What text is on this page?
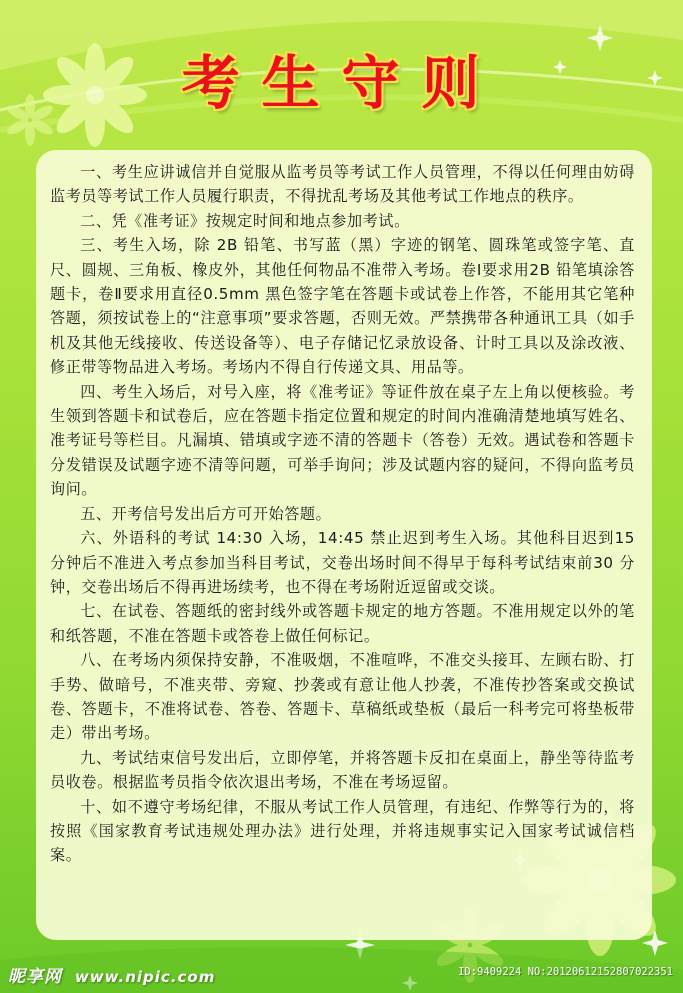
考生守则

一、考生应讲诚信并自觉服从监考员等考试工作人员管理，不得以任何理由妨碍监考员等考试工作人员履行职责，不得扰乱考场及其他考试工作地点的秩序。

二、凭《准考证》按规定时间和地点参加考试。

三、考生入场，除 2B 铅笔、书写蓝（黑）字迹的钢笔、圆珠笔或签字笔、直尺、圆规、三角板、橡皮外，其他任何物品不准带入考场。卷Ⅰ要求用2B 铅笔填涂答题卡，卷Ⅱ要求用直径0.5mm 黑色签字笔在答题卡或试卷上作答，不能用其它笔种答题，须按试卷上的“注意事项”要求答题，否则无效。严禁携带各种通讯工具（如手机及其他无线接收、传送设备等）、电子存储记忆录放设备、计时工具以及涂改液、修正带等物品进入考场。考场内不得自行传递文具、用品等。

四、考生入场后，对号入座，将《准考证》等证件放在桌子左上角以便核验。考生领到答题卡和试卷后，应在答题卡指定位置和规定的时间内准确清楚地填写姓名、准考证号等栏目。凡漏填、错填或字迹不清的答题卡（答卷）无效。遇试卷和答题卡分发错误及试题字迹不清等问题，可举手询问；涉及试题内容的疑问，不得向监考员询问。

五、开考信号发出后方可开始答题。

六、外语科的考试 14:30 入场，14:45 禁止迟到考生入场。其他科目迟到15 分钟后不准进入考点参加当科目考试，交卷出场时间不得早于每科考试结束前30 分钟，交卷出场后不得再进场续考，也不得在考场附近逗留或交谈。

七、在试卷、答题纸的密封线外或答题卡规定的地方答题。不准用规定以外的笔和纸答题，不准在答题卡或答卷上做任何标记。

八、在考场内须保持安静，不准吸烟，不准喧哗，不准交头接耳、左顾右盼、打手势、做暗号，不准夹带、旁窥、抄袭或有意让他人抄袭，不准传抄答案或交换试卷、答题卡，不准将试卷、答卷、答题卡、草稿纸或垫板（最后一科考完可将垫板带走）带出考场。

九、考试结束信号发出后，立即停笔，并将答题卡反扣在桌面上，静坐等待监考员收卷。根据监考员指令依次退出考场，不准在考场逗留。

十、如不遵守考场纪律，不服从考试工作人员管理，有违纪、作弊等行为的，将按照《国家教育考试违规处理办法》进行处理，并将违规事实记入国家考试诚信档案。

昵享网 www.nipic.com	ID:9409224 NO:20120612152807022351
